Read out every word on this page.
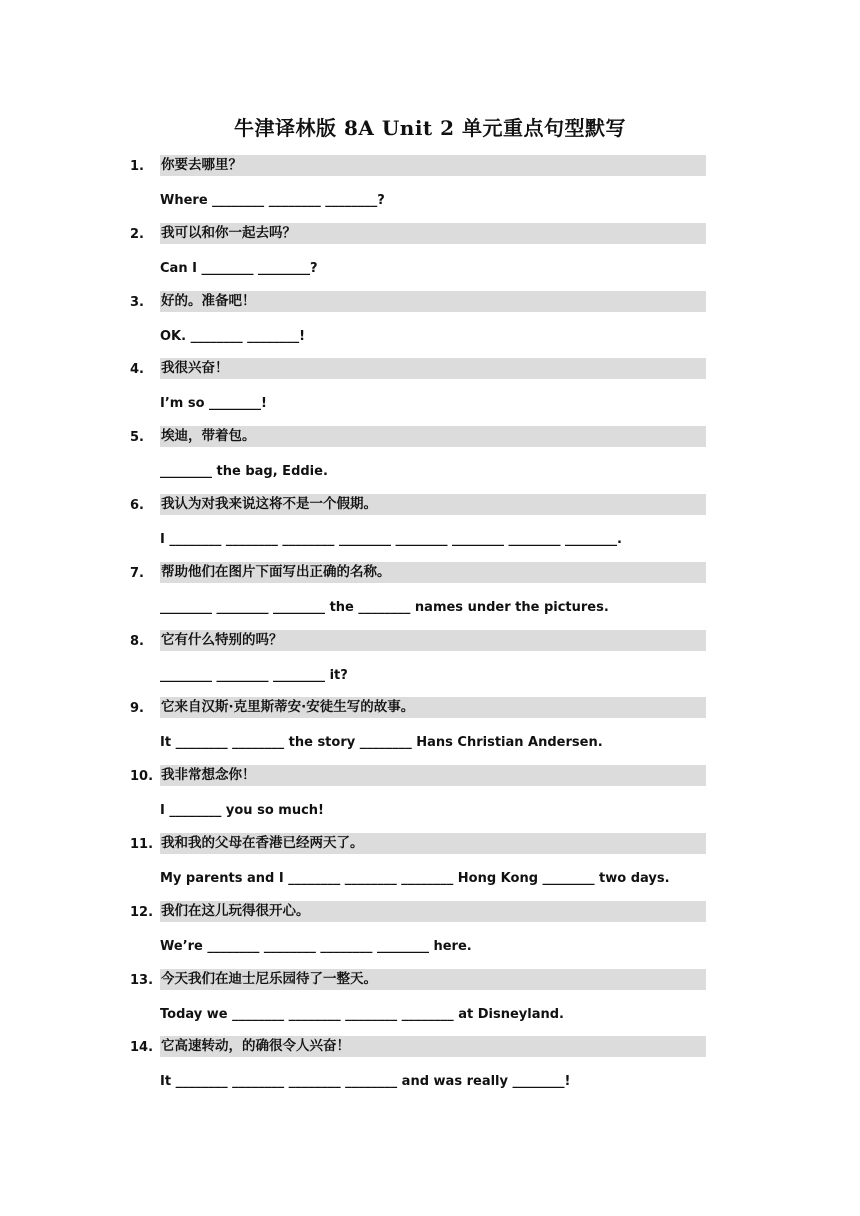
牛津译林版 8A Unit 2 单元重点句型默写
1.	你要去哪里？
Where ________ ________ ________?
2.	我可以和你一起去吗？
Can I ________ ________?
3.	好的。准备吧！
OK. ________ ________!
4.	我很兴奋！
I’m so ________!
5.	埃迪，带着包。
________ the bag, Eddie.
6.	我认为对我来说这将不是一个假期。
I ________ ________ ________ ________ ________ ________ ________ ________.
7.	帮助他们在图片下面写出正确的名称。
________ ________ ________ the ________ names under the pictures.
8.	它有什么特别的吗？
________ ________ ________ it?
9.	它来自汉斯·克里斯蒂安·安徒生写的故事。
It ________ ________ the story ________ Hans Christian Andersen.
10. 我非常想念你！
I ________ you so much!
11. 我和我的父母在香港已经两天了。
My parents and I ________ ________ ________ Hong Kong ________ two days.
12. 我们在这儿玩得很开心。
We’re ________ ________ ________ ________ here.
13. 今天我们在迪士尼乐园待了一整天。
Today we ________ ________ ________ ________ at Disneyland.
14. 它高速转动，的确很令人兴奋！
It ________ ________ ________ ________ and was really ________!
